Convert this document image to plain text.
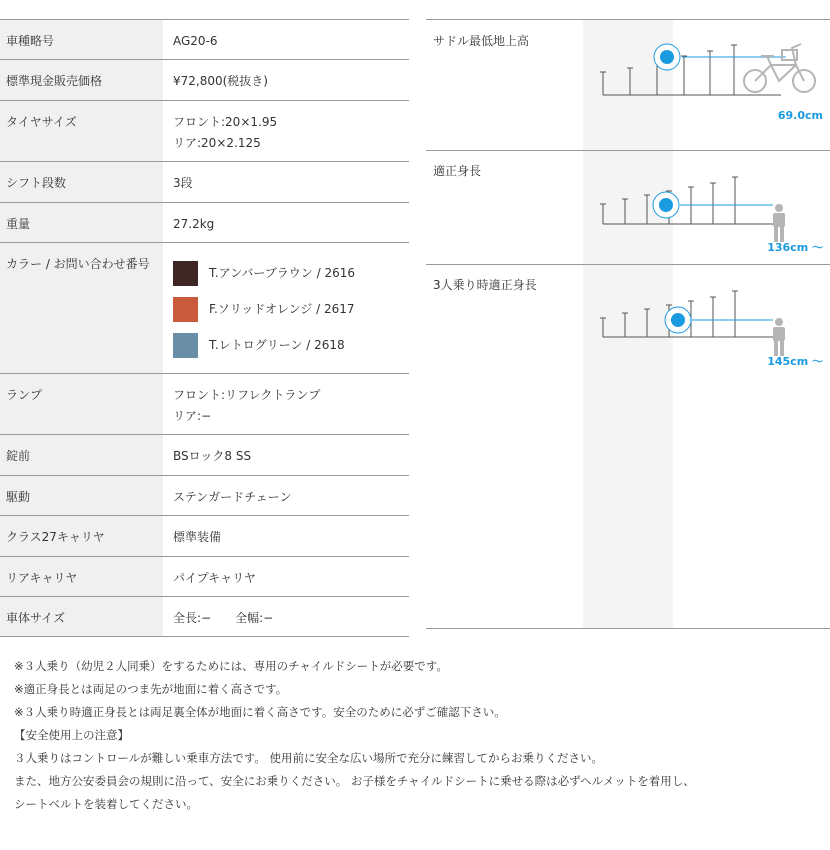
車種略号	AG20-6
標準現金販売価格	¥72,800(税抜き)
タイヤサイズ	フロント:20×1.95
リア:20×2.125
シフト段数	3段
重量	27.2kg
カラー / お問い合わせ番号
T.アンバーブラウン / 2616
F.ソリッドオレンジ / 2617
T.レトログリーン / 2618
ランプ	フロント:リフレクトランプ
リア:−
錠前	BSロック8 SS
駆動	ステンガードチェーン
クラス27キャリヤ	標準装備
リアキャリヤ	パイプキャリヤ
車体サイズ	全長:−　　全幅:−
サドル最低地上高
69.0cm
適正身長
136cm 〜
3人乗り時適正身長
145cm 〜
※３人乗り（幼児２人同乗）をするためには、専用のチャイルドシートが必要です。
※適正身長とは両足のつま先が地面に着く高さです。
※３人乗り時適正身長とは両足裏全体が地面に着く高さです。安全のために必ずご確認下さい。
【安全使用上の注意】
３人乗りはコントロールが難しい乗車方法です。 使用前に安全な広い場所で充分に練習してからお乗りください。
また、地方公安委員会の規則に沿って、安全にお乗りください。 お子様をチャイルドシートに乗せる際は必ずヘルメットを着用し、
シートベルトを装着してください。
